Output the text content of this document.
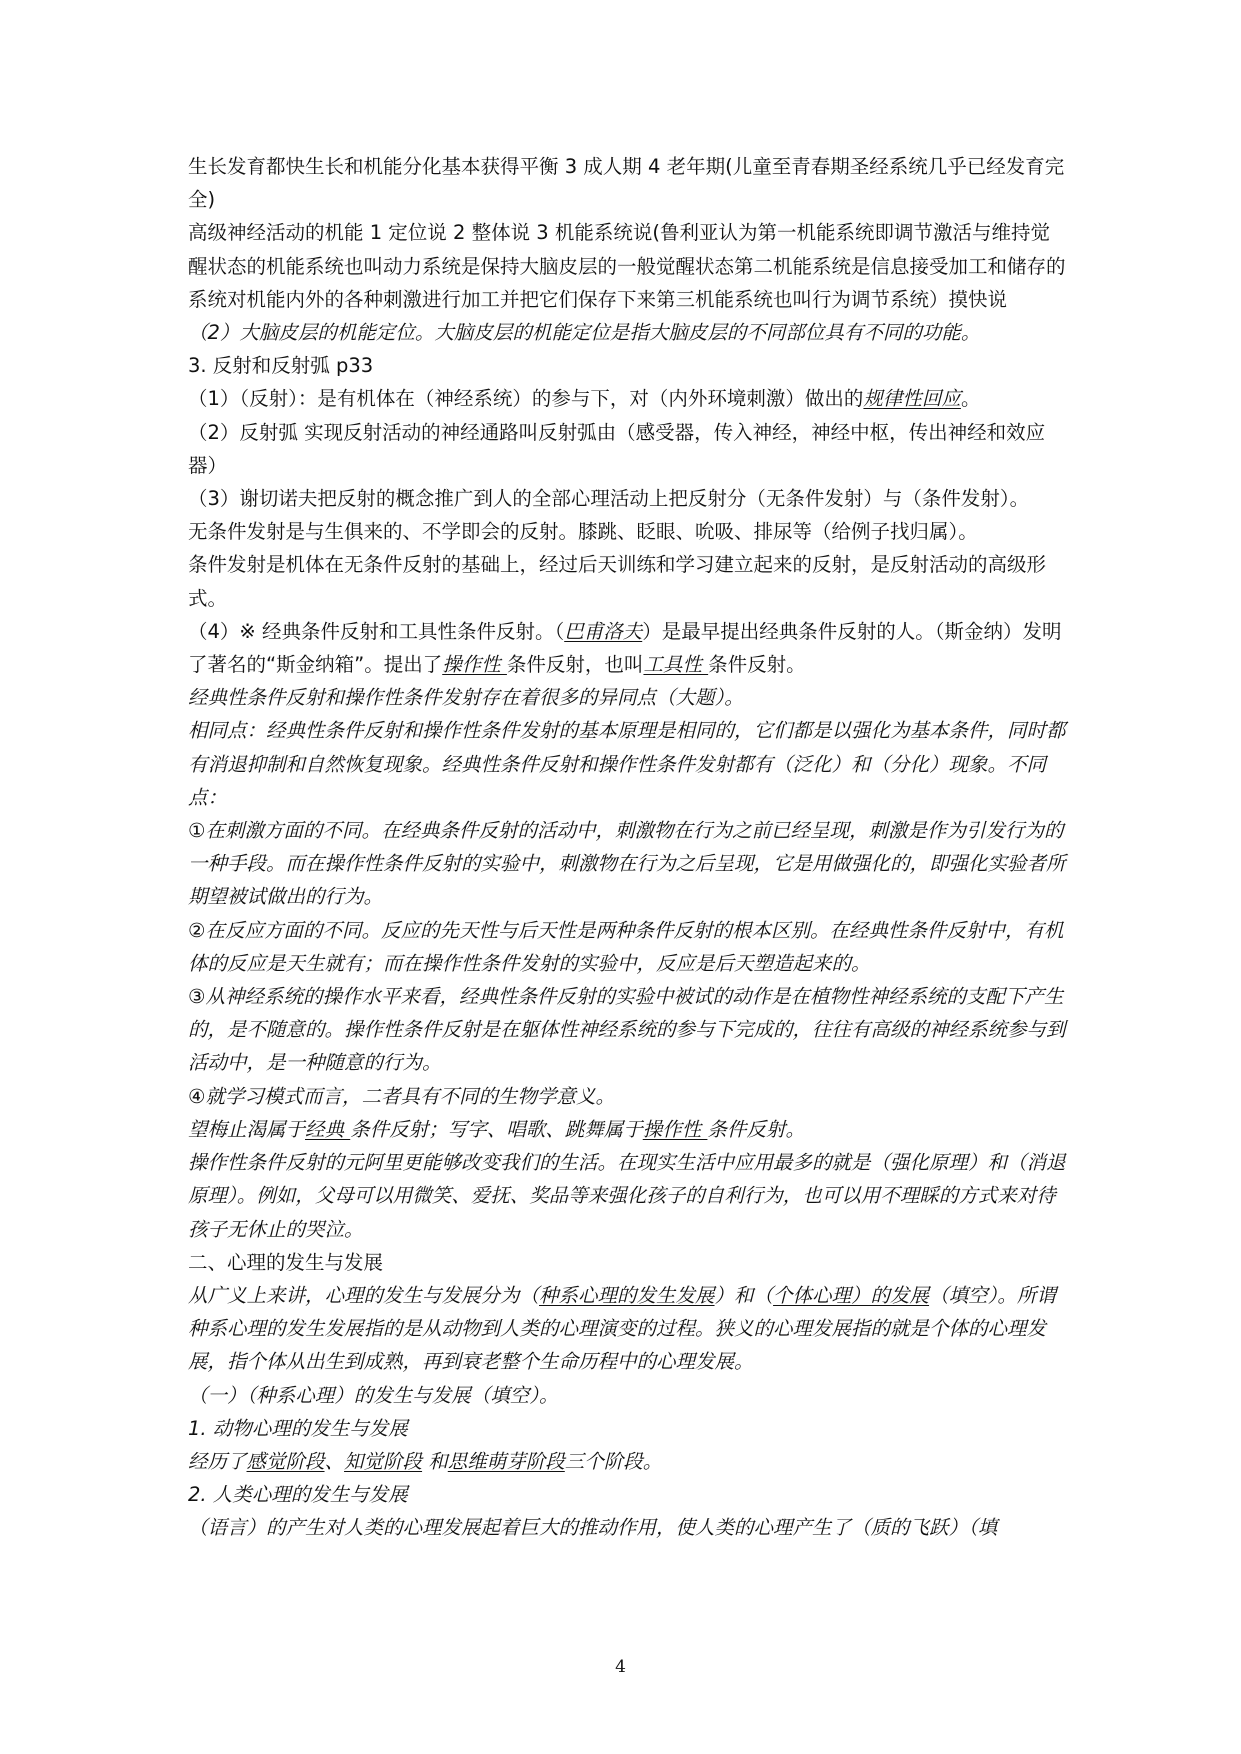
生长发育都快生长和机能分化基本获得平衡 3 成人期 4 老年期(儿童至青春期圣经系统几乎已经发育完全)

高级神经活动的机能 1 定位说 2 整体说 3 机能系统说(鲁利亚认为第一机能系统即调节激活与维持觉醒状态的机能系统也叫动力系统是保持大脑皮层的一般觉醒状态第二机能系统是信息接受加工和储存的系统对机能内外的各种刺激进行加工并把它们保存下来第三机能系统也叫行为调节系统）摸快说

（2）大脑皮层的机能定位。大脑皮层的机能定位是指大脑皮层的不同部位具有不同的功能。

3. 反射和反射弧 p33

（1）（反射）：是有机体在（神经系统）的参与下，对（内外环境刺激）做出的规律性回应。

（2）反射弧 实现反射活动的神经通路叫反射弧由（感受器，传入神经，神经中枢，传出神经和效应器）

（3）谢切诺夫把反射的概念推广到人的全部心理活动上把反射分（无条件发射）与（条件发射）。

无条件发射是与生俱来的、不学即会的反射。膝跳、眨眼、吮吸、排尿等（给例子找归属）。

条件发射是机体在无条件反射的基础上，经过后天训练和学习建立起来的反射，是反射活动的高级形式。

（4）※ 经典条件反射和工具性条件反射。（巴甫洛夫）是最早提出经典条件反射的人。（斯金纳）发明了著名的“斯金纳箱”。提出了操作性 条件反射，也叫工具性 条件反射。

经典性条件反射和操作性条件发射存在着很多的异同点（大题）。

相同点：经典性条件反射和操作性条件发射的基本原理是相同的，它们都是以强化为基本条件，同时都有消退抑制和自然恢复现象。经典性条件反射和操作性条件发射都有（泛化）和（分化）现象。不同点：

①在刺激方面的不同。在经典条件反射的活动中，刺激物在行为之前已经呈现，刺激是作为引发行为的一种手段。而在操作性条件反射的实验中，刺激物在行为之后呈现，它是用做强化的，即强化实验者所期望被试做出的行为。

②在反应方面的不同。反应的先天性与后天性是两种条件反射的根本区别。在经典性条件反射中，有机体的反应是天生就有；而在操作性条件发射的实验中，反应是后天塑造起来的。

③从神经系统的操作水平来看，经典性条件反射的实验中被试的动作是在植物性神经系统的支配下产生的，是不随意的。操作性条件反射是在躯体性神经系统的参与下完成的，往往有高级的神经系统参与到活动中，是一种随意的行为。

④就学习模式而言，二者具有不同的生物学意义。

望梅止渴属于经典 条件反射；写字、唱歌、跳舞属于操作性 条件反射。

操作性条件反射的元阿里更能够改变我们的生活。在现实生活中应用最多的就是（强化原理）和（消退原理）。例如，父母可以用微笑、爱抚、奖品等来强化孩子的自利行为，也可以用不理睬的方式来对待孩子无休止的哭泣。

二、心理的发生与发展

从广义上来讲，心理的发生与发展分为（种系心理的发生发展）和（个体心理）的发展（填空）。所谓种系心理的发生发展指的是从动物到人类的心理演变的过程。狭义的心理发展指的就是个体的心理发展，指个体从出生到成熟，再到衰老整个生命历程中的心理发展。

（一）（种系心理）的发生与发展（填空）。

1. 动物心理的发生与发展

经历了感觉阶段、知觉阶段 和思维萌芽阶段三个阶段。

2. 人类心理的发生与发展

（语言）的产生对人类的心理发展起着巨大的推动作用，使人类的心理产生了（质的飞跃）（填

4
